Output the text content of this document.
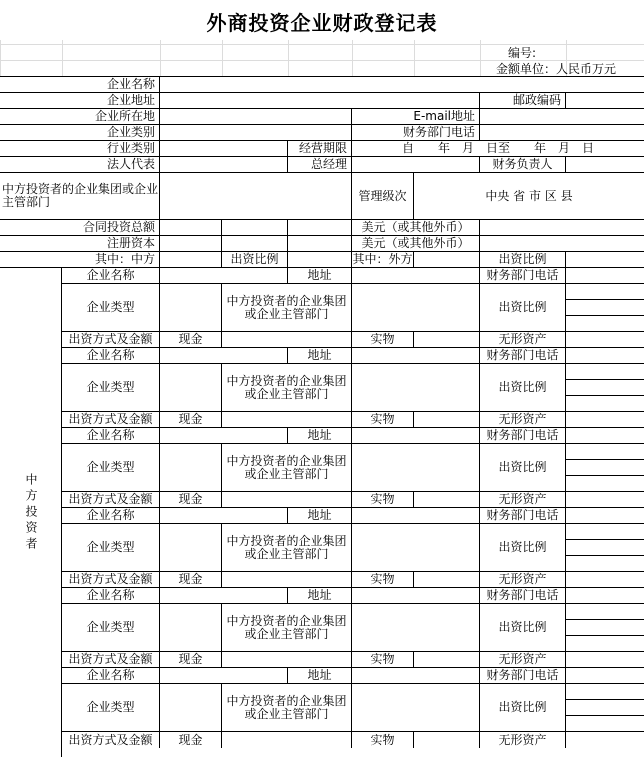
外商投资企业财政登记表
编号:
金额单位：人民币万元
企业名称
企业地址	邮政编码
企业所在地	E-mail地址
企业类别	财务部门电话
行业类别	经营期限	自　　年　月　日至　　年　月　日
法人代表	总经理	财务负责人
中方投资者的企业集团或企业主管部门	管理级次	中央 省 市 区 县
合同投资总额	美元（或其他外币）
注册资本	美元（或其他外币）
其中：中方	出资比例	其中：外方	出资比例
中方投资者
企业名称	地址	财务部门电话
企业类型	中方投资者的企业集团或企业主管部门	出资比例
出资方式及金额	现金	实物	无形资产
企业名称	地址	财务部门电话
企业类型	中方投资者的企业集团或企业主管部门	出资比例
出资方式及金额	现金	实物	无形资产
企业名称	地址	财务部门电话
企业类型	中方投资者的企业集团或企业主管部门	出资比例
出资方式及金额	现金	实物	无形资产
企业名称	地址	财务部门电话
企业类型	中方投资者的企业集团或企业主管部门	出资比例
出资方式及金额	现金	实物	无形资产
企业名称	地址	财务部门电话
企业类型	中方投资者的企业集团或企业主管部门	出资比例
出资方式及金额	现金	实物	无形资产
企业名称	地址	财务部门电话
企业类型	中方投资者的企业集团或企业主管部门	出资比例
出资方式及金额	现金	实物	无形资产
